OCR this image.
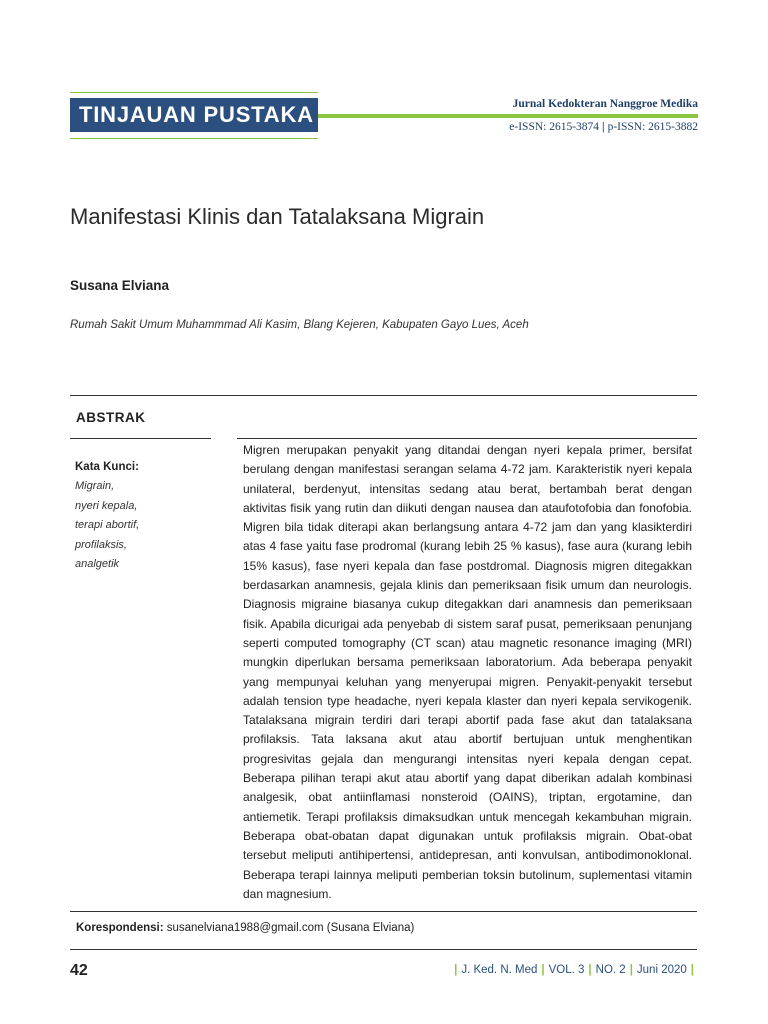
TINJAUAN PUSTAKA	Jurnal Kedokteran Nanggroe Medika
e-ISSN: 2615-3874 | p-ISSN: 2615-3882
Manifestasi Klinis dan Tatalaksana Migrain
Susana Elviana
Rumah Sakit Umum Muhammmad Ali Kasim, Blang Kejeren, Kabupaten Gayo Lues, Aceh
ABSTRAK
Kata Kunci:
Migrain,
nyeri kepala,
terapi abortif,
profilaksis,
analgetik

Migren merupakan penyakit yang ditandai dengan nyeri kepala primer, bersifat berulang dengan manifestasi serangan selama 4-72 jam. Karakteristik nyeri kepala unilateral, berdenyut, intensitas sedang atau berat, bertambah berat dengan aktivitas fisik yang rutin dan diikuti dengan nausea dan ataufotofobia dan fonofobia. Migren bila tidak diterapi akan berlangsung antara 4-72 jam dan yang klasikterdiri atas 4 fase yaitu fase prodromal (kurang lebih 25 % kasus), fase aura (kurang lebih 15% kasus), fase nyeri kepala dan fase postdromal. Diagnosis migren ditegakkan berdasarkan anamnesis, gejala klinis dan pemeriksaan fisik umum dan neurologis. Diagnosis migraine biasanya cukup ditegakkan dari anamnesis dan pemeriksaan fisik. Apabila dicurigai ada penyebab di sistem saraf pusat, pemeriksaan penunjang seperti computed tomography (CT scan) atau magnetic resonance imaging (MRI) mungkin diperlukan bersama pemeriksaan laboratorium. Ada beberapa penyakit yang mempunyai keluhan yang menyerupai migren. Penyakit-penyakit tersebut adalah tension type headache, nyeri kepala klaster dan nyeri kepala servikogenik. Tatalaksana migrain terdiri dari terapi abortif pada fase akut dan tatalaksana profilaksis. Tata laksana akut atau abortif bertujuan untuk menghentikan progresivitas gejala dan mengurangi intensitas nyeri kepala dengan cepat. Beberapa pilihan terapi akut atau abortif yang dapat diberikan adalah kombinasi analgesik, obat antiinflamasi nonsteroid (OAINS), triptan, ergotamine, dan antiemetik. Terapi profilaksis dimaksudkan untuk mencegah kekambuhan migrain. Beberapa obat-obatan dapat digunakan untuk profilaksis migrain. Obat-obat tersebut meliputi antihipertensi, antidepresan, anti konvulsan, antibodimonoklonal. Beberapa terapi lainnya meliputi pemberian toksin butolinum, suplementasi vitamin dan magnesium.

Korespondensi: susanelviana1988@gmail.com (Susana Elviana)
42	| J. Ked. N. Med | VOL. 3 | NO. 2 | Juni 2020 |
